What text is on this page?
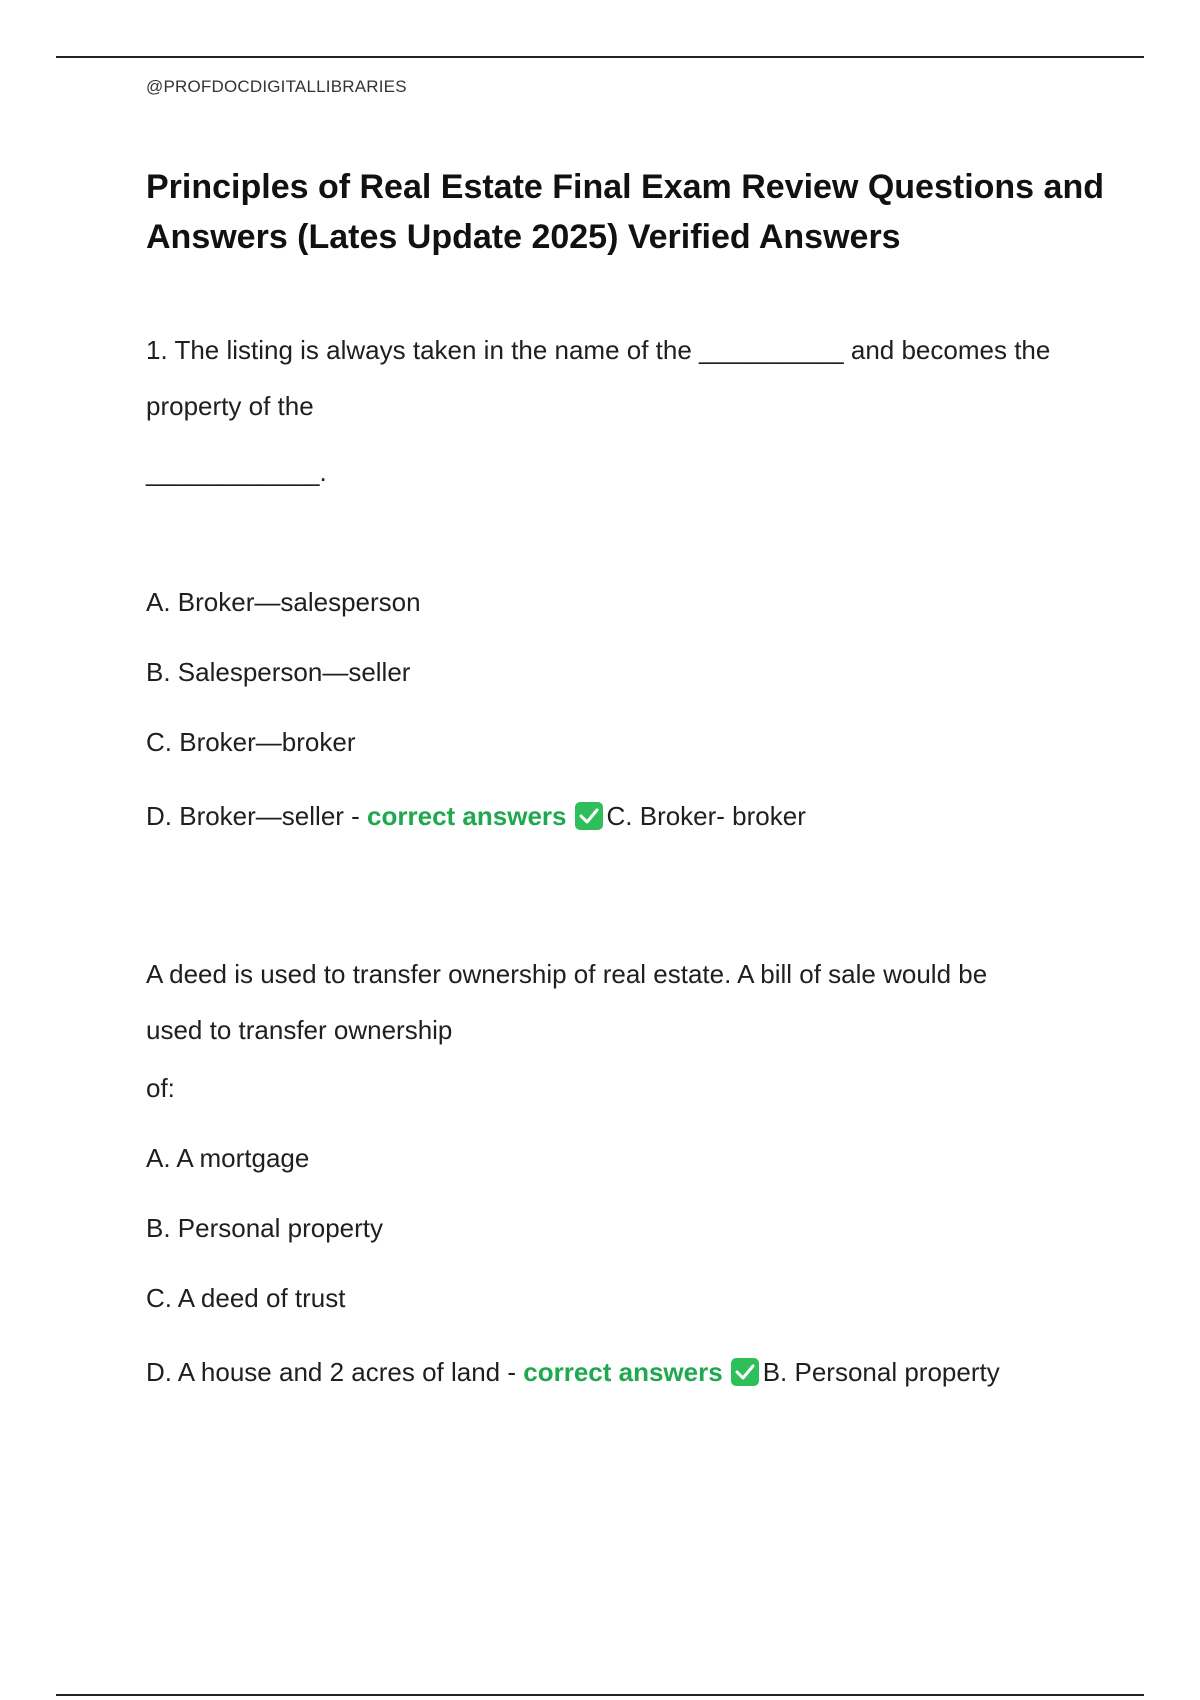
@PROFDOCDIGITALLIBRARIES

Principles of Real Estate Final Exam Review Questions and Answers (Lates Update 2025) Verified Answers

1. The listing is always taken in the name of the __________ and becomes the

property of the

____________.

A. Broker—salesperson

B. Salesperson—seller

C. Broker—broker

D. Broker—seller - correct answers C. Broker- broker

A deed is used to transfer ownership of real estate. A bill of sale would be

used to transfer ownership

of:

A. A mortgage

B. Personal property

C. A deed of trust

D. A house and 2 acres of land - correct answers B. Personal property
